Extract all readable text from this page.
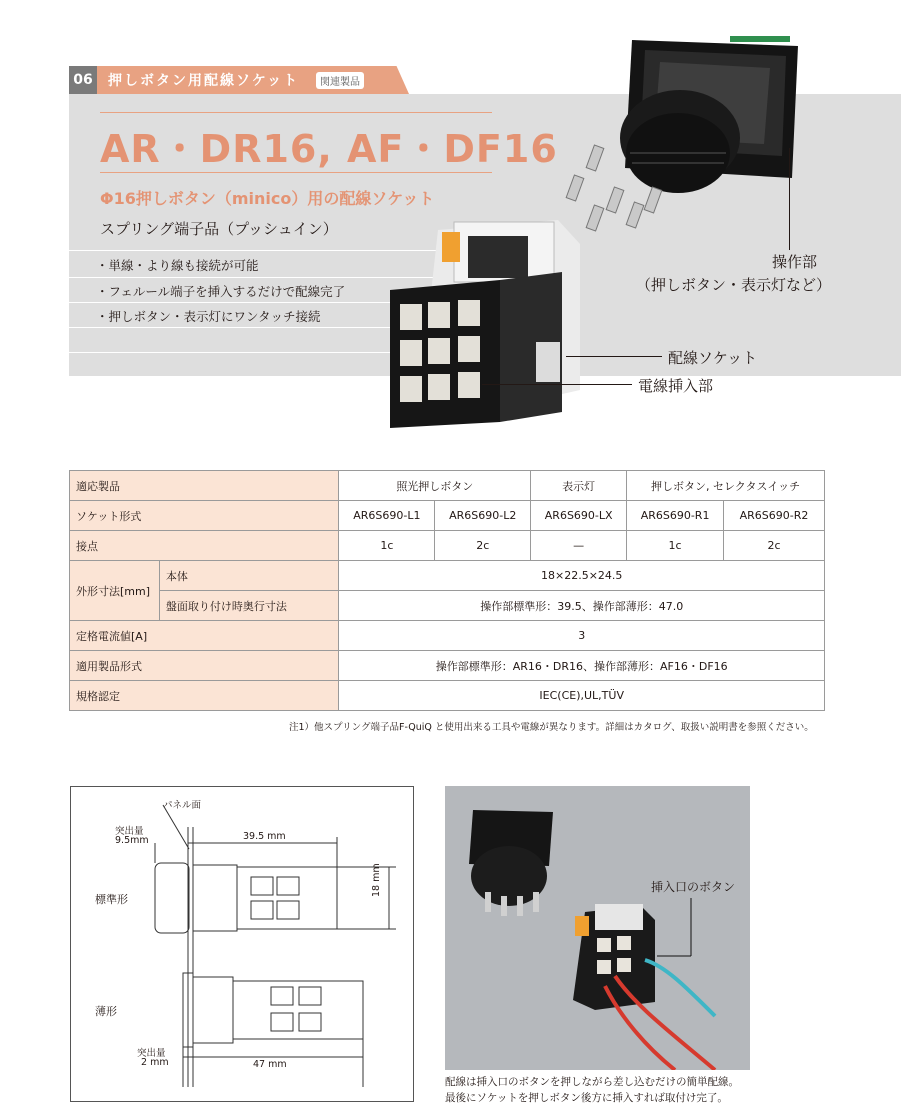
06	押しボタン用配線ソケット	関連製品
AR・DR16, AF・DF16
Φ16押しボタン（minico）用の配線ソケット
スプリング端子品（プッシュイン）
・単線・より線も接続が可能
・フェルール端子を挿入するだけで配線完了
・押しボタン・表示灯にワンタッチ接続
操作部
（押しボタン・表示灯など）
配線ソケット
電線挿入部
適応製品		照光押しボタン		表示灯	押しボタン, セレクタスイッチ	
ソケット形式		AR6S690-L1	AR6S690-L2	AR6S690-LX	AR6S690-R1	AR6S690-R2
接点		1c	2c	—	1c	2c
外形寸法[mm]	本体	18×22.5×24.5				
	盤面取り付け時奥行寸法	操作部標準形：39.5、操作部薄形：47.0				
定格電流値[A]		3				
適用製品形式		操作部標準形：AR16・DR16、操作部薄形：AF16・DF16				
規格認定		IEC(CE),UL,TÜV				
注1）他スプリング端子品F-QuiQ と使用出来る工具や電線が異なります。詳細はカタログ、取扱い説明書を参照ください。
パネル面
突出量
9.5mm	39.5 mm
18 mm
標準形
薄形
突出量
2 mm	47 mm
挿入口のボタン
配線は挿入口のボタンを押しながら差し込むだけの簡単配線。
最後にソケットを押しボタン後方に挿入すれば取付け完了。
